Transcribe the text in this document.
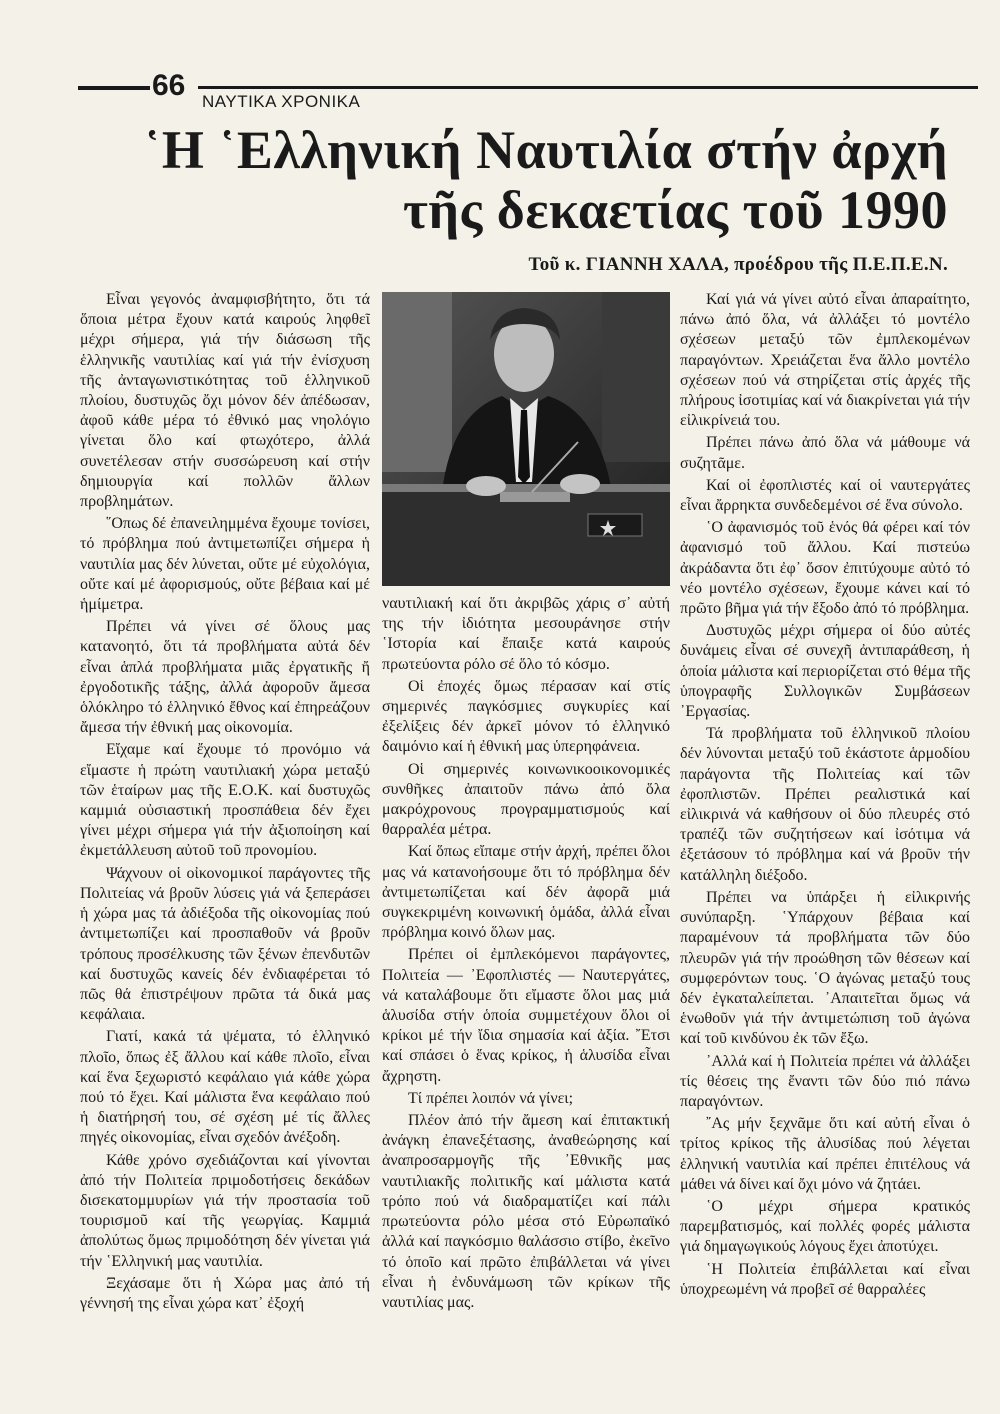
66 ΝΑΥΤΙΚΑ ΧΡΟΝΙΚΑ
῾Η ῾Ελληνική Ναυτιλία στήν ἀρχή
τῆς δεκαετίας τοῦ 1990
Τοῦ κ. ΓΙΑΝΝΗ ΧΑΛΑ, προέδρου τῆς Π.Ε.Π.Ε.Ν.

Εἶναι γεγονός ἀναμφισβήτητο, ὅτι τά ὅποια μέτρα ἔχουν κατά καιρούς ληφθεῖ μέχρι σήμερα, γιά τήν διάσωση τῆς ἑλληνικῆς ναυτιλίας καί γιά τήν ἐνίσχυση τῆς ἀνταγωνιστικότητας τοῦ ἑλληνικοῦ πλοίου, δυστυχῶς ὄχι μόνον δέν ἀπέδωσαν, ἀφοῦ κάθε μέρα τό ἐθνικό μας νηολόγιο γίνεται ὅλο καί φτωχότερο, ἀλλά συνετέλεσαν στήν συσσώρευση καί στήν δημιουργία καί πολλῶν ἄλλων προβλημάτων.

῞Οπως δέ ἐπανειλημμένα ἔχουμε τονίσει, τό πρόβλημα πού ἀντιμετωπίζει σήμερα ἡ ναυτιλία μας δέν λύνεται, οὔτε μέ εὐχολόγια, οὔτε καί μέ ἀφορισμούς, οὔτε βέβαια καί μέ ἡμίμετρα.

Πρέπει νά γίνει σέ ὅλους μας κατανοητό, ὅτι τά προβλήματα αὐτά δέν εἶναι ἁπλά προβλήματα μιᾶς ἐργατικῆς ἤ ἐργοδοτικῆς τάξης, ἀλλά ἀφοροῦν ἄμεσα ὁλόκληρο τό ἑλληνικό ἔθνος καί ἐπηρεάζουν ἄμεσα τήν ἐθνική μας οἰκονομία.

Εἴχαμε καί ἔχουμε τό προνόμιο νά εἴμαστε ἡ πρώτη ναυτιλιακή χώρα μεταξύ τῶν ἑταίρων μας τῆς Ε.Ο.Κ. καί δυστυχῶς καμμιά οὐσιαστική προσπάθεια δέν ἔχει γίνει μέχρι σήμερα γιά τήν ἀξιοποίηση καί ἐκμετάλλευση αὐτοῦ τοῦ προνομίου.

Ψάχνουν οἱ οἰκονομικοί παράγοντες τῆς Πολιτείας νά βροῦν λύσεις γιά νά ξεπεράσει ἡ χώρα μας τά ἀδιέξοδα τῆς οἰκονομίας πού ἀντιμετωπίζει καί προσπαθοῦν νά βροῦν τρόπους προσέλκυσης τῶν ξένων ἐπενδυτῶν καί δυστυχῶς κανείς δέν ἐνδιαφέρεται τό πῶς θά ἐπιστρέψουν πρῶτα τά δικά μας κεφάλαια.

Γιατί, κακά τά ψέματα, τό ἑλληνικό πλοῖο, ὅπως ἐξ ἄλλου καί κάθε πλοῖο, εἶναι καί ἕνα ξεχωριστό κεφάλαιο γιά κάθε χώρα πού τό ἔχει. Καί μάλιστα ἕνα κεφάλαιο πού ἡ διατήρησή του, σέ σχέση μέ τίς ἄλλες πηγές οἰκονομίας, εἶναι σχεδόν ἀνέξοδη.

Κάθε χρόνο σχεδιάζονται καί γίνονται ἀπό τήν Πολιτεία πριμοδοτήσεις δεκάδων δισεκατομμυρίων γιά τήν προστασία τοῦ τουρισμοῦ καί τῆς γεωργίας. Καμμιά ἀπολύτως ὅμως πριμοδότηση δέν γίνεται γιά τήν ῾Ελληνική μας ναυτιλία.

Ξεχάσαμε ὅτι ἡ Χώρα μας ἀπό τή γέννησή της εἶναι χώρα κατ᾿ ἐξοχή

ναυτιλιακή καί ὅτι ἀκριβῶς χάρις σ᾿ αὐτή της τήν ἰδιότητα μεσουράνησε στήν ῾Ιστορία καί ἔπαιξε κατά καιρούς πρωτεύοντα ρόλο σέ ὅλο τό κόσμο.

Οἱ ἐποχές ὅμως πέρασαν καί στίς σημερινές παγκόσμιες συγκυρίες καί ἐξελίξεις δέν ἀρκεῖ μόνον τό ἑλληνικό δαιμόνιο καί ἡ ἐθνική μας ὑπερηφάνεια.

Οἱ σημερινές κοινωνικοοικονομικές συνθῆκες ἀπαιτοῦν πάνω ἀπό ὅλα μακρόχρονους προγραμματισμούς καί θαρραλέα μέτρα.

Καί ὅπως εἴπαμε στήν ἀρχή, πρέπει ὅλοι μας νά κατανοήσουμε ὅτι τό πρόβλημα δέν ἀντιμετωπίζεται καί δέν ἀφορᾶ μιά συγκεκριμένη κοινωνική ὁμάδα, ἀλλά εἶναι πρόβλημα κοινό ὅλων μας.

Πρέπει οἱ ἐμπλεκόμενοι παράγοντες, Πολιτεία — ᾿Εφοπλιστές — Ναυτεργάτες, νά καταλάβουμε ὅτι εἴμαστε ὅλοι μας μιά ἁλυσίδα στήν ὁποία συμμετέχουν ὅλοι οἱ κρίκοι μέ τήν ἴδια σημασία καί ἀξία. ῎Ετσι καί σπάσει ὁ ἕνας κρίκος, ἡ ἁλυσίδα εἶναι ἄχρηστη.

Τί πρέπει λοιπόν νά γίνει;

Πλέον ἀπό τήν ἄμεση καί ἐπιτακτική ἀνάγκη ἐπανεξέτασης, ἀναθεώρησης καί ἀναπροσαρμογῆς τῆς ᾿Εθνικῆς μας ναυτιλιακῆς πολιτικῆς καί μάλιστα κατά τρόπο πού νά διαδραματίζει καί πάλι πρωτεύοντα ρόλο μέσα στό Εὐρωπαϊκό ἀλλά καί παγκόσμιο θαλάσσιο στίβο, ἐκεῖνο τό ὁποῖο καί πρῶτο ἐπιβάλλεται νά γίνει εἶναι ἡ ἐνδυνάμωση τῶν κρίκων τῆς ναυτιλίας μας.

Καί γιά νά γίνει αὐτό εἶναι ἀπαραίτητο, πάνω ἀπό ὅλα, νά ἀλλάξει τό μοντέλο σχέσεων μεταξύ τῶν ἐμπλεκομένων παραγόντων. Χρειάζεται ἕνα ἄλλο μοντέλο σχέσεων πού νά στηρίζεται στίς ἀρχές τῆς πλήρους ἰσοτιμίας καί νά διακρίνεται γιά τήν εἰλικρίνειά του.

Πρέπει πάνω ἀπό ὅλα νά μάθουμε νά συζητᾶμε.

Καί οἱ ἐφοπλιστές καί οἱ ναυτεργάτες εἶναι ἄρρηκτα συνδεδεμένοι σέ ἕνα σύνολο.

῾Ο ἀφανισμός τοῦ ἑνός θά φέρει καί τόν ἀφανισμό τοῦ ἄλλου. Καί πιστεύω ἀκράδαντα ὅτι ἐφ᾿ ὅσον ἐπιτύχουμε αὐτό τό νέο μοντέλο σχέσεων, ἔχουμε κάνει καί τό πρῶτο βῆμα γιά τήν ἔξοδο ἀπό τό πρόβλημα.

Δυστυχῶς μέχρι σήμερα οἱ δύο αὐτές δυνάμεις εἶναι σέ συνεχῆ ἀντιπαράθεση, ἡ ὁποία μάλιστα καί περιορίζεται στό θέμα τῆς ὑπογραφῆς Συλλογικῶν Συμβάσεων ᾿Εργασίας.

Τά προβλήματα τοῦ ἑλληνικοῦ πλοίου δέν λύνονται μεταξύ τοῦ ἑκάστοτε ἁρμοδίου παράγοντα τῆς Πολιτείας καί τῶν ἐφοπλιστῶν. Πρέπει ρεαλιστικά καί εἰλικρινά νά καθήσουν οἱ δύο πλευρές στό τραπέζι τῶν συζητήσεων καί ἰσότιμα νά ἐξετάσουν τό πρόβλημα καί νά βροῦν τήν κατάλληλη διέξοδο.

Πρέπει να ὑπάρξει ἡ εἰλικρινής συνύπαρξη. ῾Υπάρχουν βέβαια καί παραμένουν τά προβλήματα τῶν δύο πλευρῶν γιά τήν προώθηση τῶν θέσεων καί συμφερόντων τους. ῾Ο ἀγώνας μεταξύ τους δέν ἐγκαταλείπεται. ᾿Απαιτεῖται ὅμως νά ἑνωθοῦν γιά τήν ἀντιμετώπιση τοῦ ἀγώνα καί τοῦ κινδύνου ἐκ τῶν ἔξω.

᾿Αλλά καί ἡ Πολιτεία πρέπει νά ἀλλάξει τίς θέσεις της ἔναντι τῶν δύο πιό πάνω παραγόντων.

῎Ας μήν ξεχνᾶμε ὅτι καί αὐτή εἶναι ὁ τρίτος κρίκος τῆς ἁλυσίδας πού λέγεται ἑλληνική ναυτιλία καί πρέπει ἐπιτέλους νά μάθει νά δίνει καί ὄχι μόνο νά ζητάει.

῾Ο μέχρι σήμερα κρατικός παρεμβατισμός, καί πολλές φορές μάλιστα γιά δημαγωγικούς λόγους ἔχει ἀποτύχει.

῾Η Πολιτεία ἐπιβάλλεται καί εἶναι ὑποχρεωμένη νά προβεῖ σέ θαρραλέες
